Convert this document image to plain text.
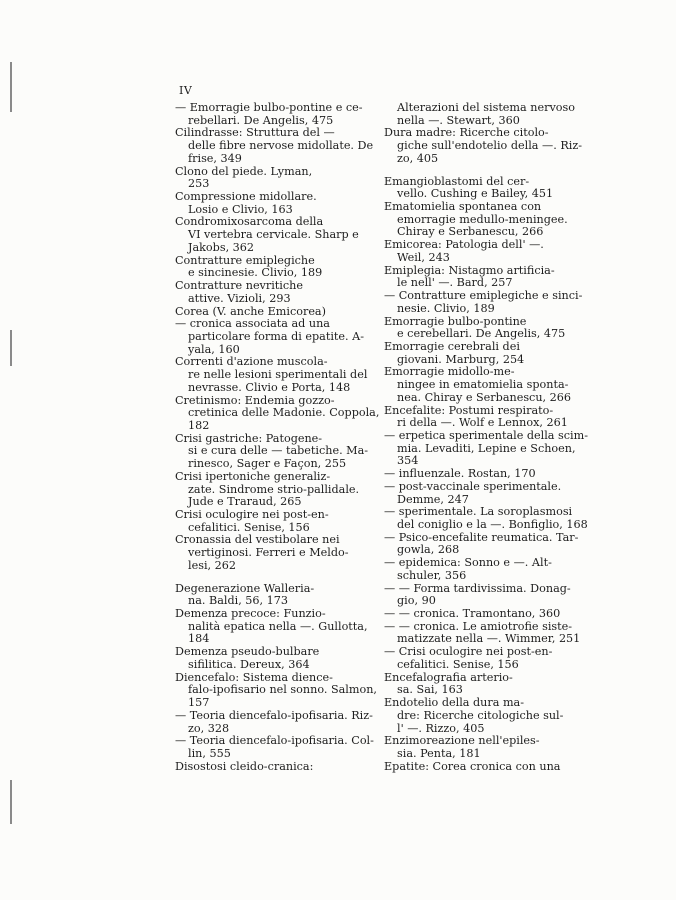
IV
— Emorragie bulbo-pontine e ce-
rebellari. De Angelis, 475
Cilindrasse: Struttura del —
delle fibre nervose midollate. De
frise, 349
Clono del piede. Lyman,
253
Compressione midollare.
Losio e Clivio, 163
Condromixosarcoma della
VI vertebra cervicale. Sharp e
Jakobs, 362
Contratture emiplegiche
e sincinesie. Clivio, 189
Contratture nevritiche
attive. Vizioli, 293
Corea (V. anche Emicorea)
— cronica associata ad una
particolare forma di epatite. A-
yala, 160
Correnti d'azione muscola-
re nelle lesioni sperimentali del
nevrasse. Clivio e Porta, 148
Cretinismo: Endemia gozzo-
cretinica delle Madonie. Coppola,
182
Crisi gastriche: Patogene-
si e cura delle — tabetiche. Ma-
rinesco, Sager e Façon, 255
Crisi ipertoniche generaliz-
zate. Sindrome strio-pallidale.
Jude e Traraud, 265
Crisi oculogire nei post-en-
cefalitici. Senise, 156
Cronassia del vestibolare nei
vertiginosi. Ferreri e Meldo-
lesi, 262
Degenerazione Walleria-
na. Baldi, 56, 173
Demenza precoce: Funzio-
nalità epatica nella —. Gullotta,
184
Demenza pseudo-bulbare
sifilitica. Dereux, 364
Diencefalo: Sistema dience-
falo-ipofisario nel sonno. Salmon,
157
— Teoria diencefalo-ipofisaria. Riz-
zo, 328
— Teoria diencefalo-ipofisaria. Col-
lin, 555
Disostosi cleido-cranica:
Alterazioni del sistema nervoso
nella —. Stewart, 360
Dura madre: Ricerche citolo-
giche sull'endotelio della —. Riz-
zo, 405
Emangioblastomi del cer-
vello. Cushing e Bailey, 451
Ematomielia spontanea con
emorragie medullo-meningee.
Chiray e Serbanescu, 266
Emicorea: Patologia dell' —.
Weil, 243
Emiplegia: Nistagmo artificia-
le nell' —. Bard, 257
— Contratture emiplegiche e sinci-
nesie. Clivio, 189
Emorragie bulbo-pontine
e cerebellari. De Angelis, 475
Emorragie cerebrali dei
giovani. Marburg, 254
Emorragie midollo-me-
ningee in ematomielia sponta-
nea. Chiray e Serbanescu, 266
Encefalite: Postumi respirato-
ri della —. Wolf e Lennox, 261
— erpetica sperimentale della scim-
mia. Levaditi, Lepine e Schoen,
354
— influenzale. Rostan, 170
— post-vaccinale sperimentale.
Demme, 247
— sperimentale. La soroplasmosi
del coniglio e la —. Bonfiglio, 168
— Psico-encefalite reumatica. Tar-
gowla, 268
— epidemica: Sonno e —. Alt-
schuler, 356
— — Forma tardivissima. Donag-
gio, 90
— — cronica. Tramontano, 360
— — cronica. Le amiotrofie siste-
matizzate nella —. Wimmer, 251
— Crisi oculogire nei post-en-
cefalitici. Senise, 156
Encefalografia arterio-
sa. Sai, 163
Endotelio della dura ma-
dre: Ricerche citologiche sul-
l' —. Rizzo, 405
Enzimoreazione nell'epiles-
sia. Penta, 181
Epatite: Corea cronica con una
